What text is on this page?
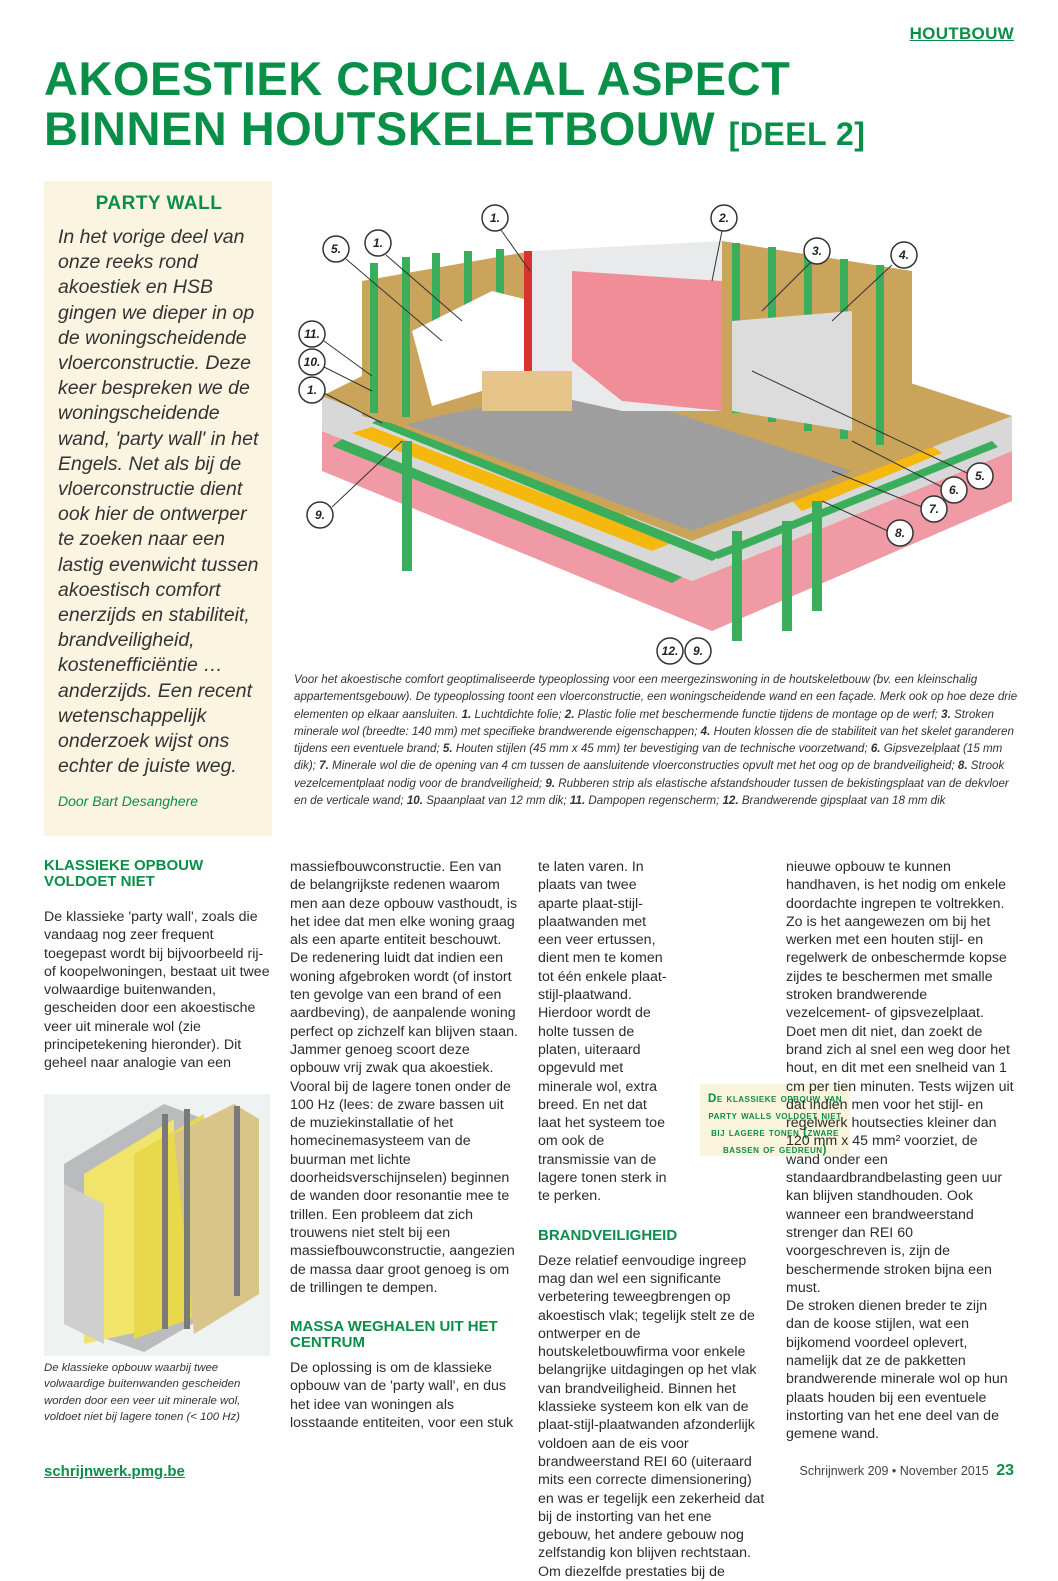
HOUTBOUW
AKOESTIEK CRUCIAAL ASPECT
BINNEN HOUTSKELETBOUW [DEEL 2]
PARTY WALL

In het vorige deel van onze reeks rond akoestiek en HSB gingen we dieper in op de woningscheidende vloerconstructie. Deze keer bespreken we de woningscheidende wand, 'party wall' in het Engels. Net als bij de vloerconstructie dient ook hier de ontwerper te zoeken naar een lastig evenwicht tussen akoestisch comfort enerzijds en stabiliteit, brandveiligheid, kostenefficiëntie … anderzijds. Een recent wetenschappelijk onderzoek wijst ons echter de juiste weg.

Door Bart Desanghere

1.	2.
3.	4.
5.	1.
11.
10.
1.
9.
5.
6.
7.
8.
12. 9.

Voor het akoestische comfort geoptimaliseerde typeoplossing voor een meergezinswoning in de houtskeletbouw (bv. een kleinschalig appartementsgebouw). De typeoplossing toont een vloerconstructie, een woningscheidende wand en een façade. Merk ook op hoe deze drie elementen op elkaar aansluiten. 1. Luchtdichte folie; 2. Plastic folie met beschermende functie tijdens de montage op de werf; 3. Stroken minerale wol (breedte: 140 mm) met specifieke brandwerende eigenschappen; 4. Houten klossen die de stabiliteit van het skelet garanderen tijdens een eventuele brand; 5. Houten stijlen (45 mm x 45 mm) ter bevestiging van de technische voorzetwand; 6. Gipsvezelplaat (15 mm dik); 7. Minerale wol die de opening van 4 cm tussen de aansluitende vloerconstructies opvult met het oog op de brandveiligheid; 8. Strook vezelcementplaat nodig voor de brandveiligheid; 9. Rubberen strip als elastische afstandshouder tussen de bekistingsplaat van de dekvloer en de verticale wand; 10. Spaanplaat van 12 mm dik; 11. Dampopen regenscherm; 12. Brandwerende gipsplaat van 18 mm dik

KLASSIEKE OPBOUW VOLDOET NIET

De klassieke 'party wall', zoals die vandaag nog zeer frequent toegepast wordt bij bijvoorbeeld rij- of koopelwoningen, bestaat uit twee volwaardige buitenwanden, gescheiden door een akoestische veer uit minerale wol (zie principetekening hieronder). Dit geheel naar analogie van een

De klassieke opbouw waarbij twee volwaardige buitenwanden gescheiden worden door een veer uit minerale wol, voldoet niet bij lagere tonen (< 100 Hz)

massiefbouwconstructie. Een van de belangrijkste redenen waarom men aan deze opbouw vasthoudt, is het idee dat men elke woning graag als een aparte entiteit beschouwt. De redenering luidt dat indien een woning afgebroken wordt (of instort ten gevolge van een brand of een aardbeving), de aanpalende woning perfect op zichzelf kan blijven staan.

Jammer genoeg scoort deze opbouw vrij zwak qua akoestiek. Vooral bij de lagere tonen onder de 100 Hz (lees: de zware bassen uit de muziekinstallatie of het homecinemasysteem van de buurman met lichte doorheidsverschijnselen) beginnen de wanden door resonantie mee te trillen. Een probleem dat zich trouwens niet stelt bij een massiefbouwconstructie, aangezien de massa daar groot genoeg is om de trillingen te dempen.

MASSA WEGHALEN UIT HET CENTRUM

De oplossing is om de klassieke opbouw van de 'party wall', en dus het idee van woningen als losstaande entiteiten, voor een stuk

te laten varen. In plaats van twee aparte plaat-stijl-plaatwanden met een veer ertussen, dient men te komen tot één enkele plaat-stijl-plaatwand. Hierdoor wordt de holte tussen de platen, uiteraard opgevuld met minerale wol, extra breed. En net dat laat het systeem toe om ook de transmissie van de lagere tonen sterk in te perken.

BRANDVEILIGHEID

Deze relatief eenvoudige ingreep mag dan wel een significante verbetering teweegbrengen op akoestisch vlak; tegelijk stelt ze de ontwerper en de houtskeletbouwfirma voor enkele belangrijke uitdagingen op het vlak van brandveiligheid. Binnen het klassieke systeem kon elk van de plaat-stijl-plaatwanden afzonderlijk voldoen aan de eis voor brandweerstand REI 60 (uiteraard mits een correcte dimensionering) en was er tegelijk een zekerheid dat bij de instorting van het ene gebouw, het andere gebouw nog zelfstandig kon blijven rechtstaan. Om diezelfde prestaties bij de

De klassieke opbouw van party walls voldoet niet bij lagere tonen (zware bassen of gedreun)

nieuwe opbouw te kunnen handhaven, is het nodig om enkele doordachte ingrepen te voltrekken. Zo is het aangewezen om bij het werken met een houten stijl- en regelwerk de onbeschermde kopse zijdes te beschermen met smalle stroken brandwerende vezelcement- of gipsvezelplaat. Doet men dit niet, dan zoekt de brand zich al snel een weg door het hout, en dit met een snelheid van 1 cm per tien minuten. Tests wijzen uit dat indien men voor het stijl- en regelwerk houtsecties kleiner dan 120 mm x 45 mm² voorziet, de wand onder een standaardbrandbelasting geen uur kan blijven standhouden. Ook wanneer een brandweerstand strenger dan REI 60 voorgeschreven is, zijn de beschermende stroken bijna een must.

De stroken dienen breder te zijn dan de koose stijlen, wat een bijkomend voordeel oplevert, namelijk dat ze de pakketten brandwerende minerale wol op hun plaats houden bij een eventuele instorting van het ene deel van de gemene wand.

schrijnwerk.pmg.be	Schrijnwerk 209 • November 2015 23
